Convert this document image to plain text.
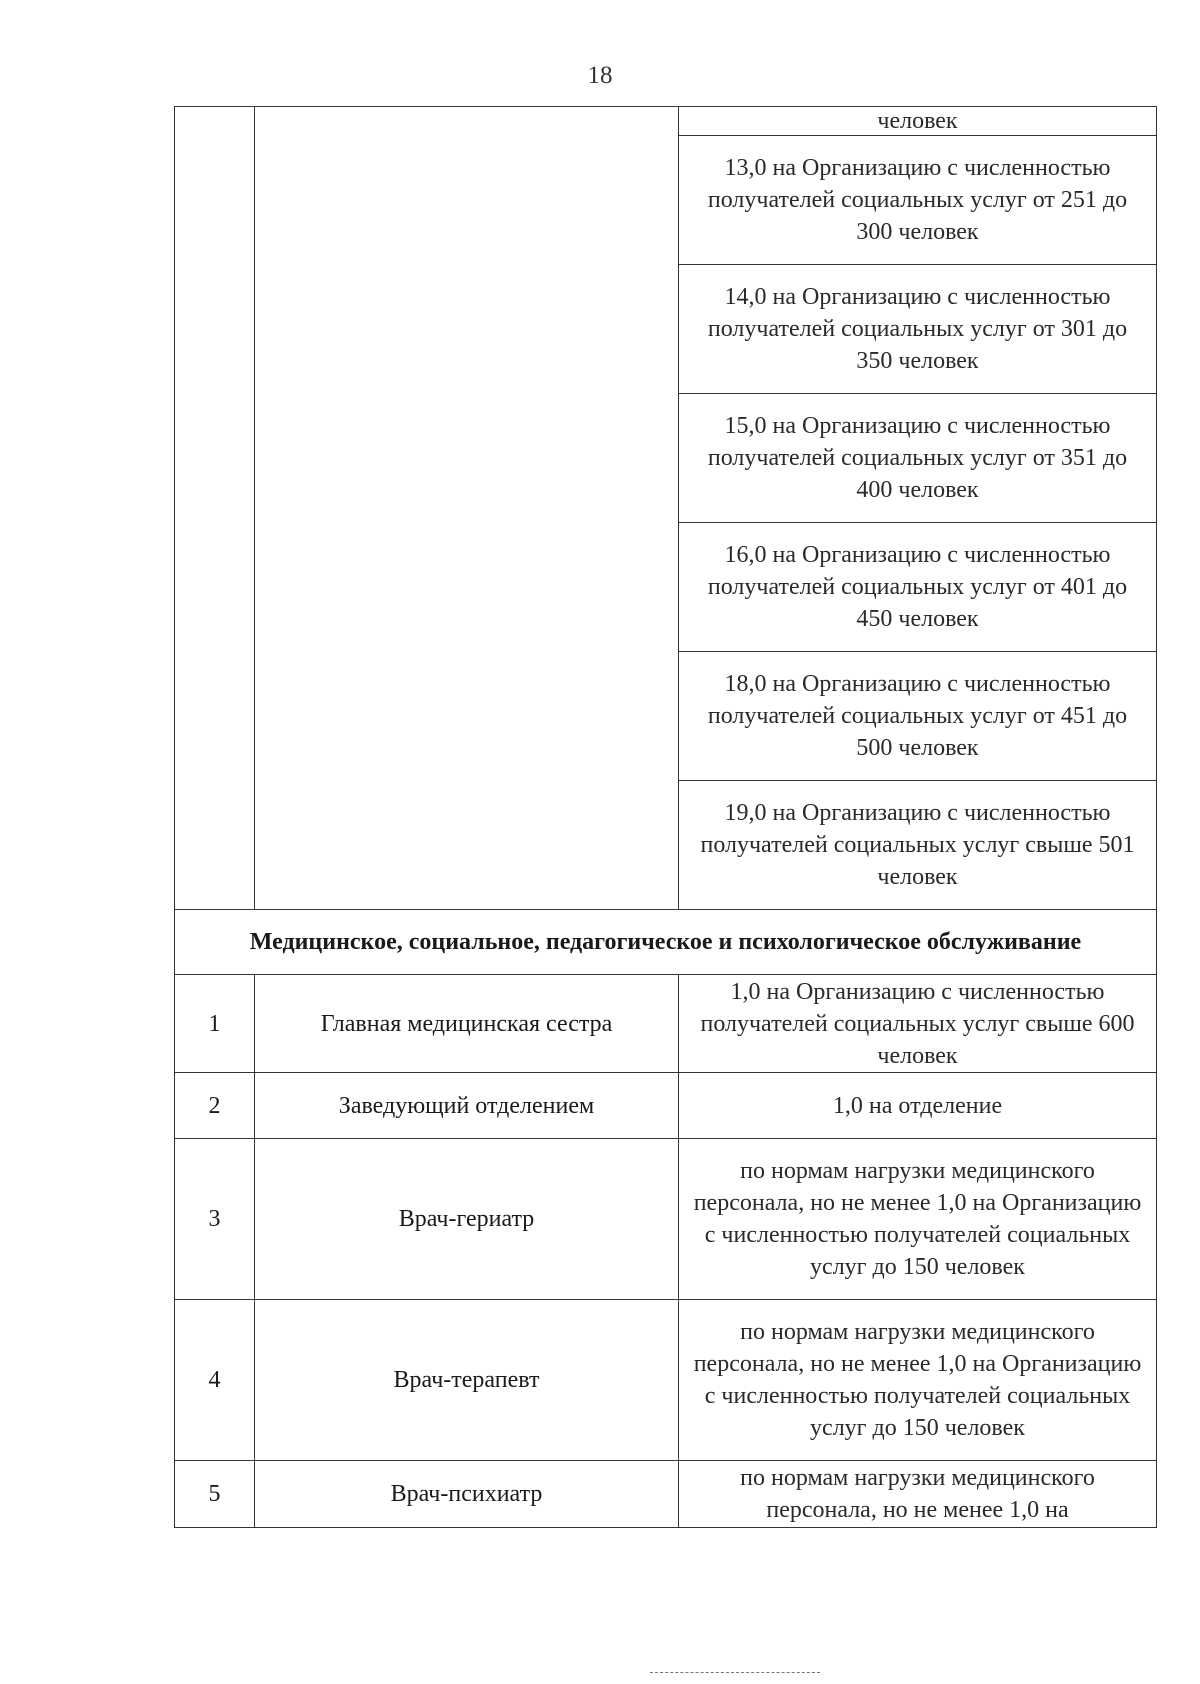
18
		человек
		13,0 на Организацию с численностью получателей социальных услуг от 251 до 300 человек
		14,0 на Организацию с численностью получателей социальных услуг от 301 до 350 человек
		15,0 на Организацию с численностью получателей социальных услуг от 351 до 400 человек
		16,0 на Организацию с численностью получателей социальных услуг от 401 до 450 человек
		18,0 на Организацию с численностью получателей социальных услуг от 451 до 500 человек
		19,0 на Организацию с численностью получателей социальных услуг свыше 501 человек
Медицинское, социальное, педагогическое и психологическое обслуживание		
1	Главная медицинская сестра	1,0 на Организацию с численностью получателей социальных услуг свыше 600 человек
2	Заведующий отделением	1,0 на отделение
3	Врач-гериатр	по нормам нагрузки медицинского персонала, но не менее 1,0 на Организацию с численностью получателей социальных услуг до 150 человек
4	Врач-терапевт	по нормам нагрузки медицинского персонала, но не менее 1,0 на Организацию с численностью получателей социальных услуг до 150 человек
5	Врач-психиатр	по нормам нагрузки медицинского персонала, но не менее 1,0 на
